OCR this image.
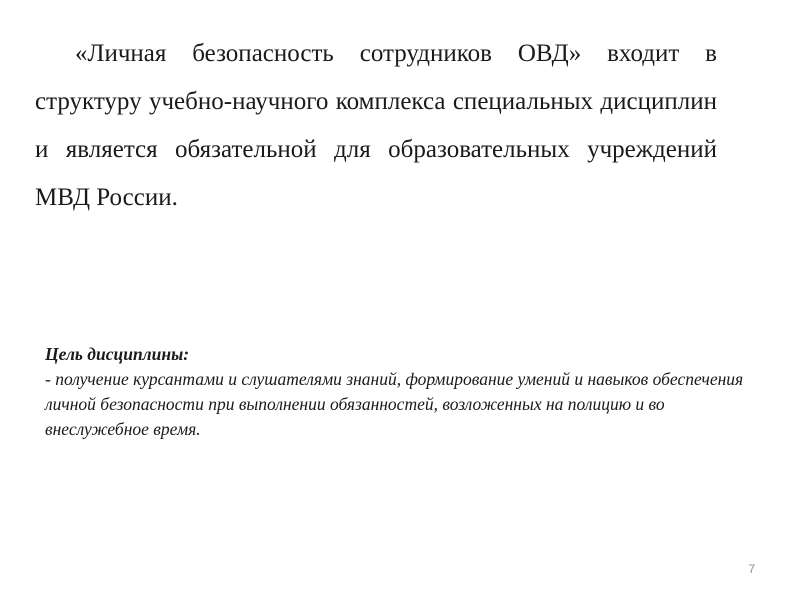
«Личная безопасность сотрудников ОВД» входит в структуру учебно-научного комплекса специальных дисциплин и является обязательной для образовательных учреждений МВД России.

Цель дисциплины:
- получение курсантами и слушателями знаний, формирование умений и навыков обеспечения личной безопасности при выполнении обязанностей, возложенных на полицию и во внеслужебное время.
7
